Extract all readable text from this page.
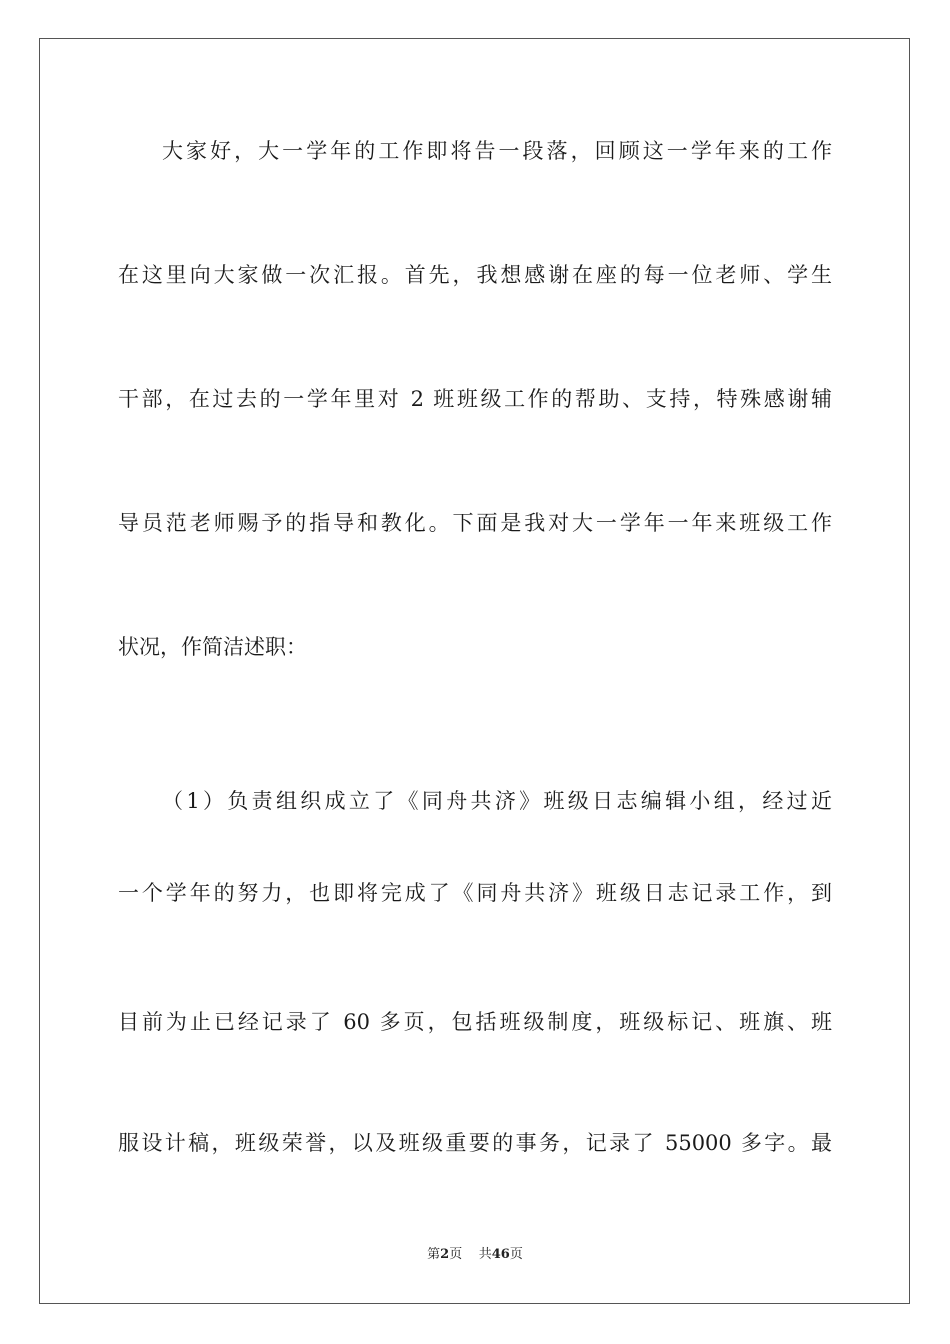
大家好，大一学年的工作即将告一段落，回顾这一学年来的工作
在这里向大家做一次汇报。首先，我想感谢在座的每一位老师、学生
干部，在过去的一学年里对 2 班班级工作的帮助、支持，特殊感谢辅
导员范老师赐予的指导和教化。下面是我对大一学年一年来班级工作
状况，作简洁述职：
（1）负责组织成立了《同舟共济》班级日志编辑小组，经过近
一个学年的努力，也即将完成了《同舟共济》班级日志记录工作，到
目前为止已经记录了 60 多页，包括班级制度，班级标记、班旗、班
服设计稿，班级荣誉，以及班级重要的事务，记录了 55000 多字。最
第2页 共46页
